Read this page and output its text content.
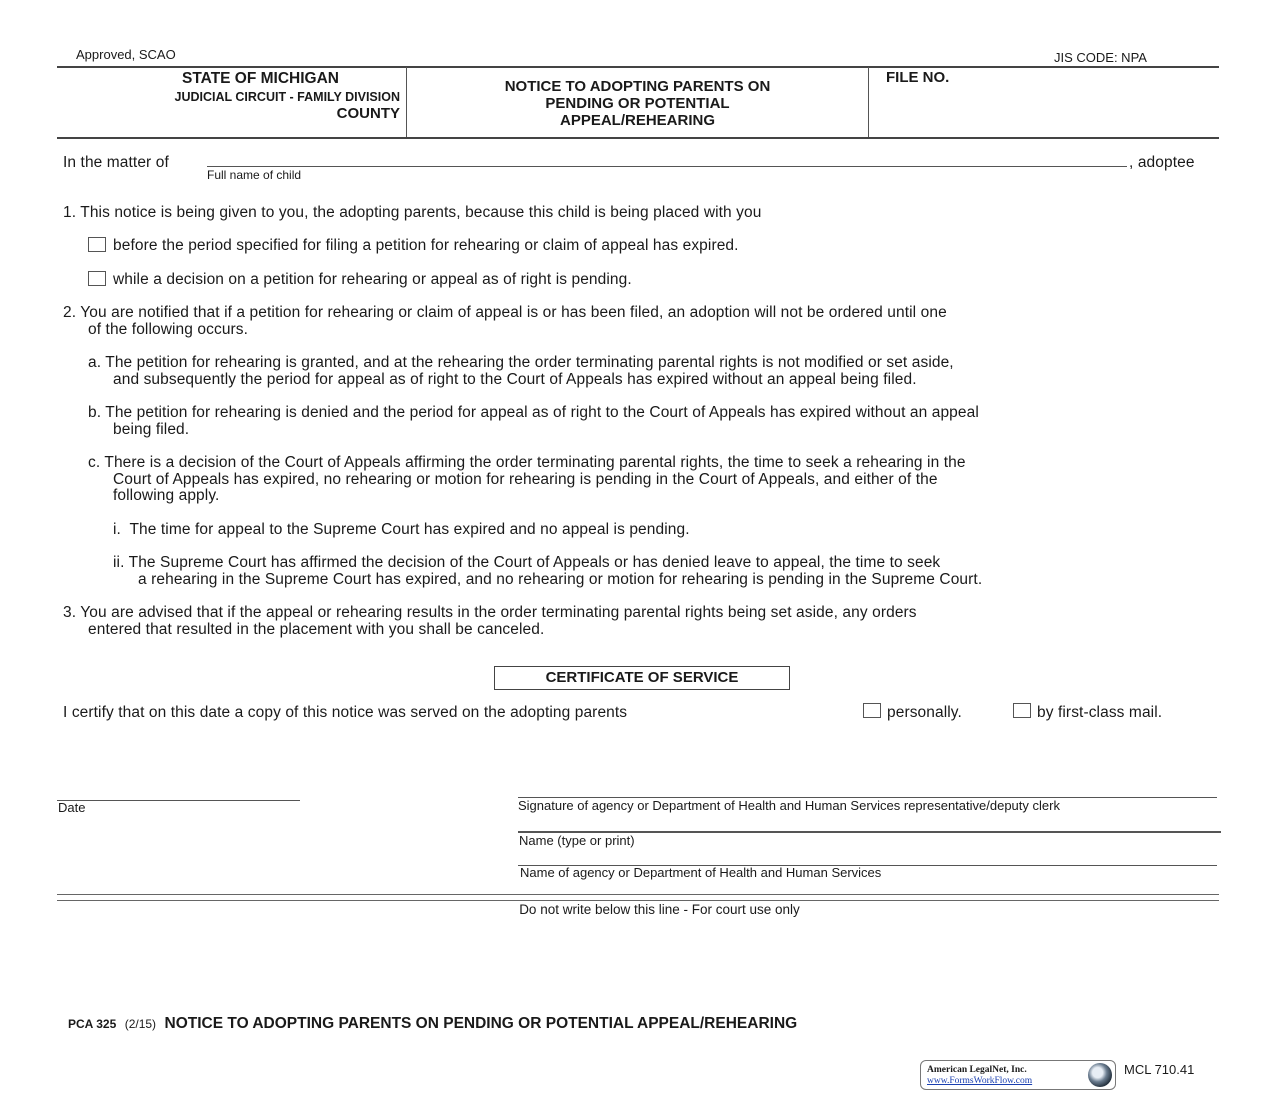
Approved, SCAO	JIS CODE: NPA
STATE OF MICHIGAN
JUDICIAL CIRCUIT - FAMILY DIVISION
COUNTY
NOTICE TO ADOPTING PARENTS ON
PENDING OR POTENTIAL
APPEAL/REHEARING
FILE NO.
In the matter of
Full name of child
, adoptee
1. This notice is being given to you, the adopting parents, because this child is being placed with you
before the period specified for filing a petition for rehearing or claim of appeal has expired.
while a decision on a petition for rehearing or appeal as of right is pending.
2. You are notified that if a petition for rehearing or claim of appeal is or has been filed, an adoption will not be ordered until one
of the following occurs.
a. The petition for rehearing is granted, and at the rehearing the order terminating parental rights is not modified or set aside,
and subsequently the period for appeal as of right to the Court of Appeals has expired without an appeal being filed.
b. The petition for rehearing is denied and the period for appeal as of right to the Court of Appeals has expired without an appeal
being filed.
c. There is a decision of the Court of Appeals affirming the order terminating parental rights, the time to seek a rehearing in the
Court of Appeals has expired, no rehearing or motion for rehearing is pending in the Court of Appeals, and either of the
following apply.
i.  The time for appeal to the Supreme Court has expired and no appeal is pending.
ii. The Supreme Court has affirmed the decision of the Court of Appeals or has denied leave to appeal, the time to seek
a rehearing in the Supreme Court has expired, and no rehearing or motion for rehearing is pending in the Supreme Court.
3. You are advised that if the appeal or rehearing results in the order terminating parental rights being set aside, any orders
entered that resulted in the placement with you shall be canceled.
CERTIFICATE OF SERVICE
I certify that on this date a copy of this notice was served on the adopting parents	personally.	by first-class mail.
Date	Signature of agency or Department of Health and Human Services representative/deputy clerk
Name (type or print)
Name of agency or Department of Health and Human Services
Do not write below this line - For court use only
PCA 325 (2/15) NOTICE TO ADOPTING PARENTS ON PENDING OR POTENTIAL APPEAL/REHEARING
American LegalNet, Inc.
www.FormsWorkFlow.com
MCL 710.41
